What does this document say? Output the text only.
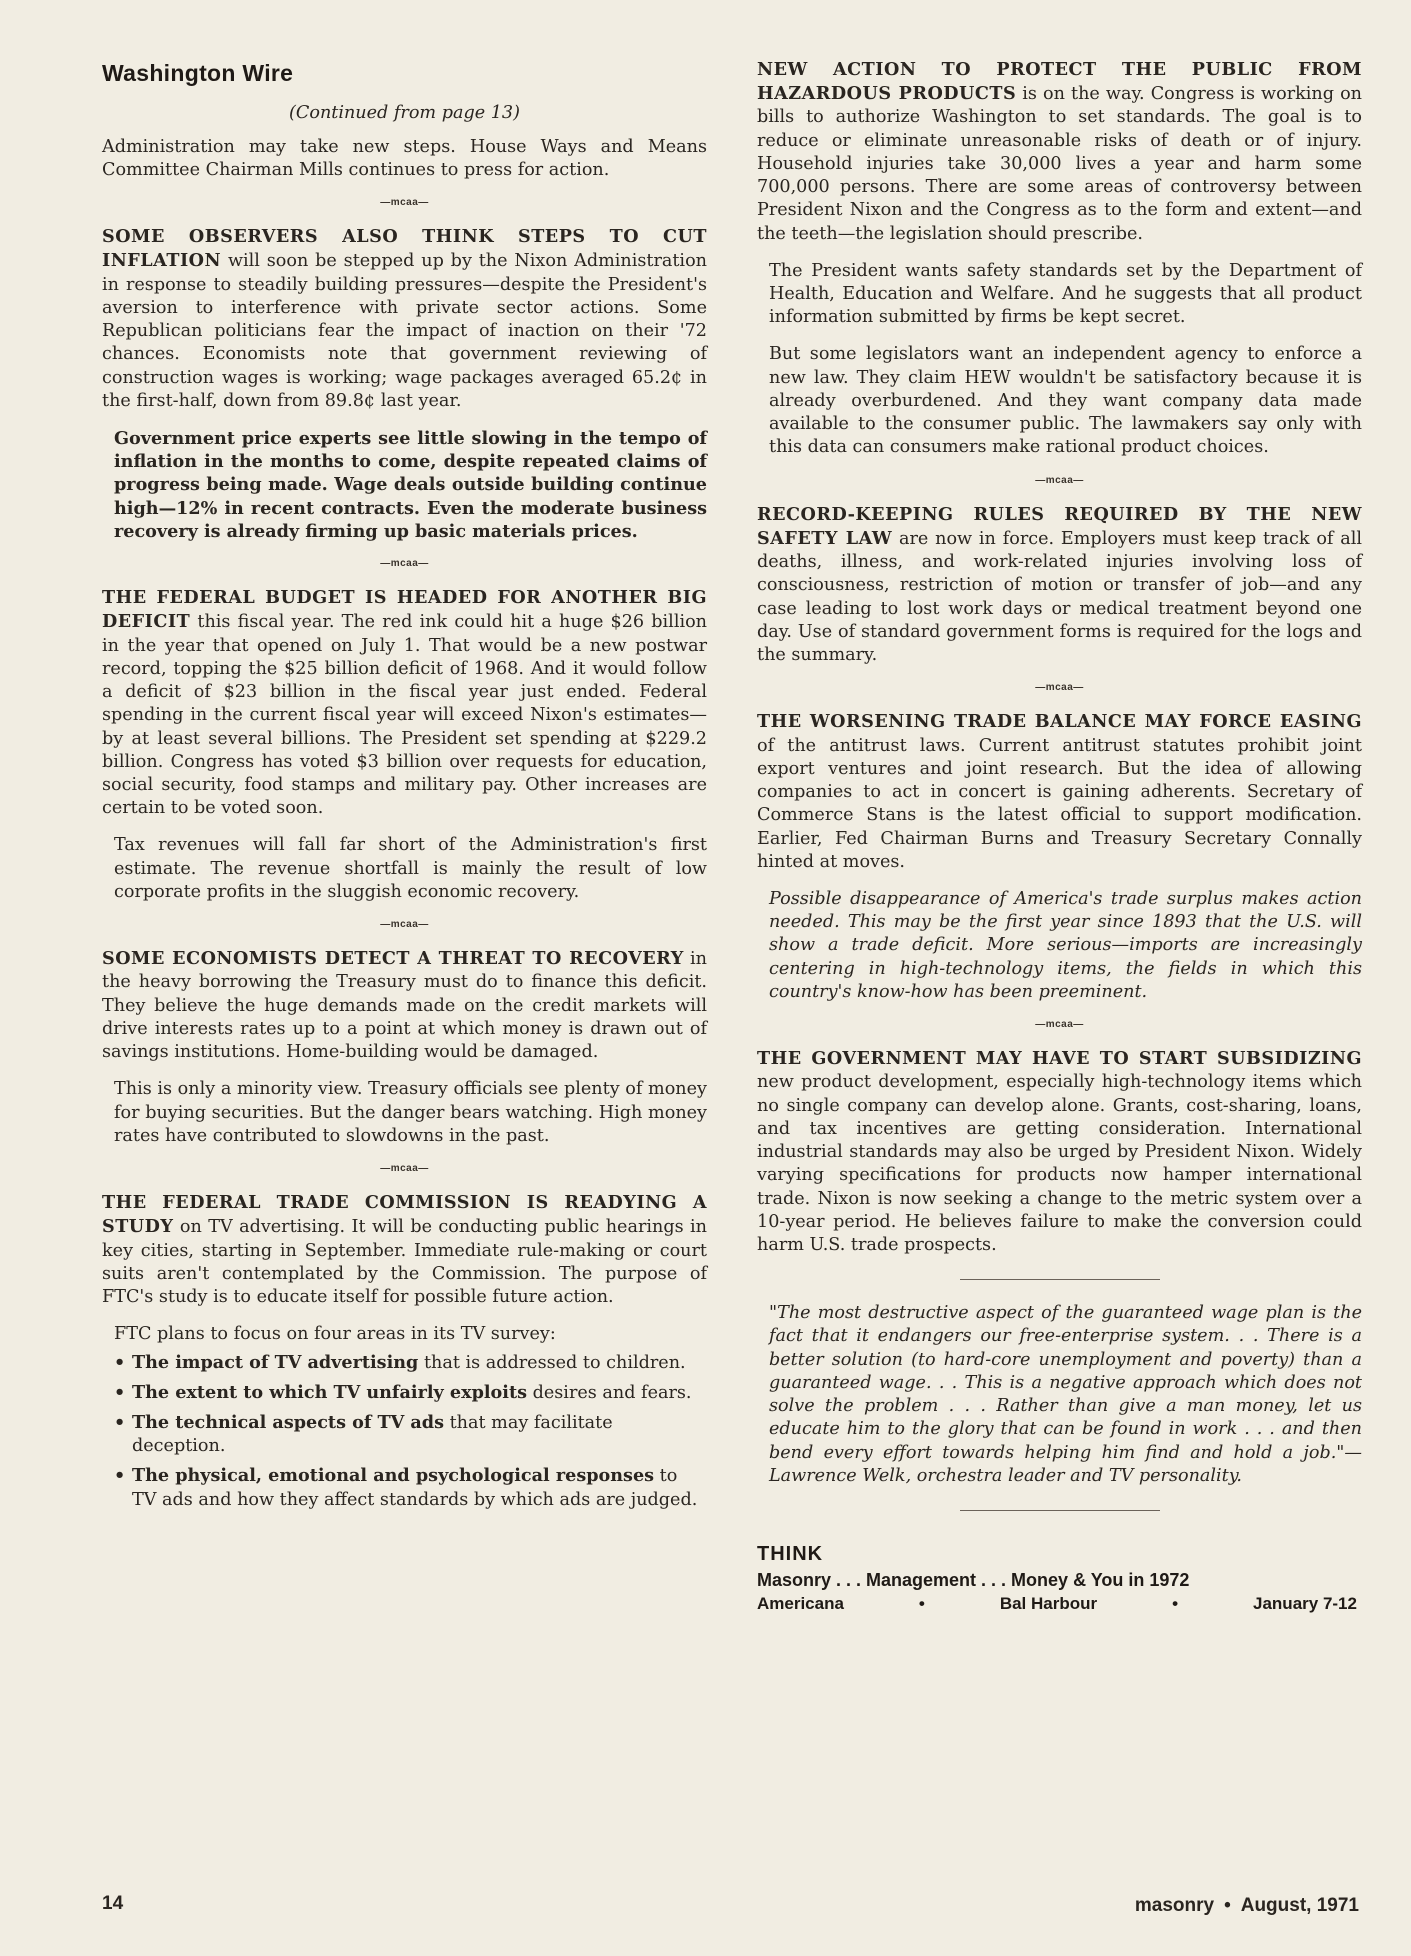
Washington Wire

(Continued from page 13)

Administration may take new steps. House Ways and Means Committee Chairman Mills continues to press for action.

—mcaa—

SOME OBSERVERS ALSO THINK STEPS TO CUT INFLATION will soon be stepped up by the Nixon Administration in response to steadily building pressures—despite the President's aversion to interference with private sector actions. Some Republican politicians fear the impact of inaction on their '72 chances. Economists note that government reviewing of construction wages is working; wage packages averaged 65.2¢ in the first-half, down from 89.8¢ last year.

Government price experts see little slowing in the tempo of inflation in the months to come, despite repeated claims of progress being made. Wage deals outside building continue high—12% in recent contracts. Even the moderate business recovery is already firming up basic materials prices.

—mcaa—

THE FEDERAL BUDGET IS HEADED FOR ANOTHER BIG DEFICIT this fiscal year. The red ink could hit a huge $26 billion in the year that opened on July 1. That would be a new postwar record, topping the $25 billion deficit of 1968. And it would follow a deficit of $23 billion in the fiscal year just ended. Federal spending in the current fiscal year will exceed Nixon's estimates—by at least several billions. The President set spending at $229.2 billion. Congress has voted $3 billion over requests for education, social security, food stamps and military pay. Other increases are certain to be voted soon.

Tax revenues will fall far short of the Administration's first estimate. The revenue shortfall is mainly the result of low corporate profits in the sluggish economic recovery.

—mcaa—

SOME ECONOMISTS DETECT A THREAT TO RECOVERY in the heavy borrowing the Treasury must do to finance this deficit. They believe the huge demands made on the credit markets will drive interests rates up to a point at which money is drawn out of savings institutions. Home-building would be damaged.

This is only a minority view. Treasury officials see plenty of money for buying securities. But the danger bears watching. High money rates have contributed to slowdowns in the past.

—mcaa—

THE FEDERAL TRADE COMMISSION IS READYING A STUDY on TV advertising. It will be conducting public hearings in key cities, starting in September. Immediate rule-making or court suits aren't contemplated by the Commission. The purpose of FTC's study is to educate itself for possible future action.

FTC plans to focus on four areas in its TV survey:

• The impact of TV advertising that is addressed to children.
• The extent to which TV unfairly exploits desires and fears.
• The technical aspects of TV ads that may facilitate deception.
• The physical, emotional and psychological responses to TV ads and how they affect standards by which ads are judged.

NEW ACTION TO PROTECT THE PUBLIC FROM HAZARDOUS PRODUCTS is on the way. Congress is working on bills to authorize Washington to set standards. The goal is to reduce or eliminate unreasonable risks of death or of injury. Household injuries take 30,000 lives a year and harm some 700,000 persons. There are some areas of controversy between President Nixon and the Congress as to the form and extent—and the teeth—the legislation should prescribe.

The President wants safety standards set by the Department of Health, Education and Welfare. And he suggests that all product information submitted by firms be kept secret.

But some legislators want an independent agency to enforce a new law. They claim HEW wouldn't be satisfactory because it is already overburdened. And they want company data made available to the consumer public. The lawmakers say only with this data can consumers make rational product choices.

—mcaa—

RECORD-KEEPING RULES REQUIRED BY THE NEW SAFETY LAW are now in force. Employers must keep track of all deaths, illness, and work-related injuries involving loss of consciousness, restriction of motion or transfer of job—and any case leading to lost work days or medical treatment beyond one day. Use of standard government forms is required for the logs and the summary.

—mcaa—

THE WORSENING TRADE BALANCE MAY FORCE EASING of the antitrust laws. Current antitrust statutes prohibit joint export ventures and joint research. But the idea of allowing companies to act in concert is gaining adherents. Secretary of Commerce Stans is the latest official to support modification. Earlier, Fed Chairman Burns and Treasury Secretary Connally hinted at moves.

Possible disappearance of America's trade surplus makes action needed. This may be the first year since 1893 that the U.S. will show a trade deficit. More serious—imports are increasingly centering in high-technology items, the fields in which this country's know-how has been preeminent.

—mcaa—

THE GOVERNMENT MAY HAVE TO START SUBSIDIZING new product development, especially high-technology items which no single company can develop alone. Grants, cost-sharing, loans, and tax incentives are getting consideration. International industrial standards may also be urged by President Nixon. Widely varying specifications for products now hamper international trade. Nixon is now seeking a change to the metric system over a 10-year period. He believes failure to make the conversion could harm U.S. trade prospects.

"The most destructive aspect of the guaranteed wage plan is the fact that it endangers our free-enterprise system. . . There is a better solution (to hard-core unemployment and poverty) than a guaranteed wage. . . This is a negative approach which does not solve the problem . . . Rather than give a man money, let us educate him to the glory that can be found in work . . . and then bend every effort towards helping him find and hold a job."—Lawrence Welk, orchestra leader and TV personality.

THINK
Masonry . . . Management . . . Money & You in 1972
Americana	•	Bal Harbour	•	January 7-12
14	masonry • August, 1971
